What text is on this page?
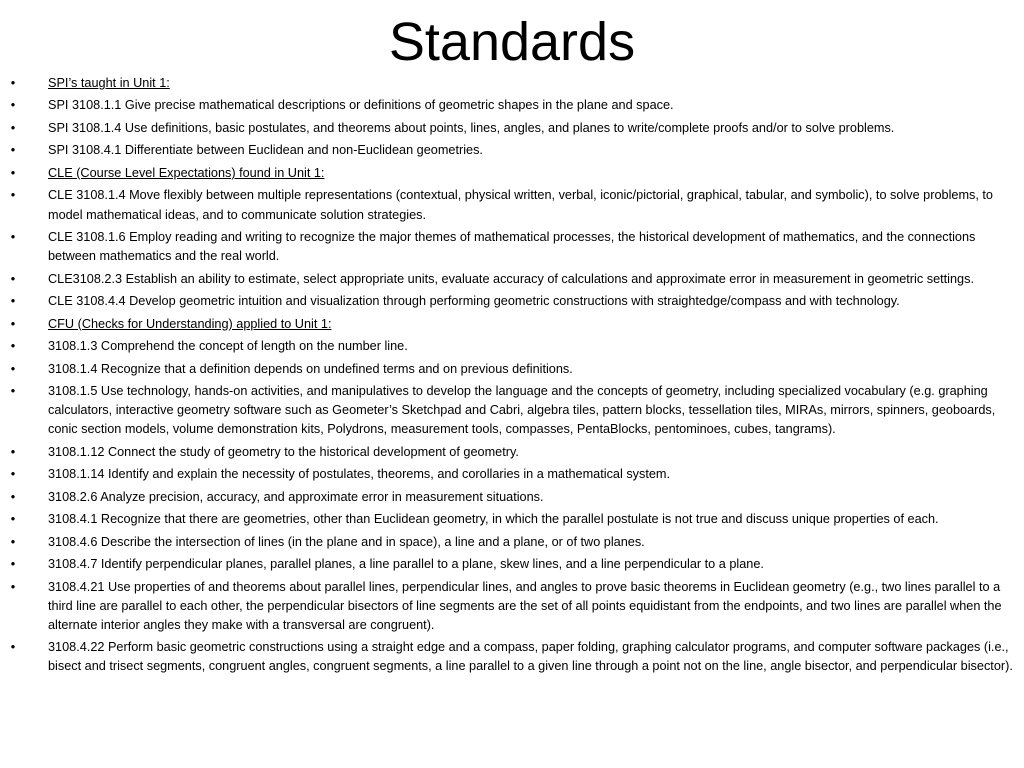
Standards
•	SPI’s taught in Unit 1:
•	SPI 3108.1.1 Give precise mathematical descriptions or definitions of geometric shapes in the plane and space.
•	SPI 3108.1.4 Use definitions, basic postulates, and theorems about points, lines, angles, and planes to write/complete proofs and/or to solve problems.
•	SPI 3108.4.1 Differentiate between Euclidean and non-Euclidean geometries.
•	CLE (Course Level Expectations) found in Unit 1:
•	CLE 3108.1.4 Move flexibly between multiple representations (contextual, physical written, verbal, iconic/pictorial, graphical, tabular, and symbolic), to solve problems, to model mathematical ideas, and to communicate solution strategies.
•	CLE 3108.1.6 Employ reading and writing to recognize the major themes of mathematical processes, the historical development of mathematics, and the connections between mathematics and the real world.
•	CLE3108.2.3 Establish an ability to estimate, select appropriate units, evaluate accuracy of calculations and approximate error in measurement in geometric settings.
•	CLE 3108.4.4 Develop geometric intuition and visualization through performing geometric constructions with straightedge/compass and with technology.
•	CFU (Checks for Understanding) applied to Unit 1:
•	3108.1.3 Comprehend the concept of length on the number line.
•	3108.1.4 Recognize that a definition depends on undefined terms and on previous definitions.
•	3108.1.5 Use technology, hands-on activities, and manipulatives to develop the language and the concepts of geometry, including specialized vocabulary (e.g. graphing calculators, interactive geometry software such as Geometer’s Sketchpad and Cabri, algebra tiles, pattern blocks, tessellation tiles, MIRAs, mirrors, spinners, geoboards, conic section models, volume demonstration kits, Polydrons, measurement tools, compasses, PentaBlocks, pentominoes, cubes, tangrams).
•	3108.1.12 Connect the study of geometry to the historical development of geometry.
•	3108.1.14 Identify and explain the necessity of postulates, theorems, and corollaries in a mathematical system.
•	3108.2.6 Analyze precision, accuracy, and approximate error in measurement situations.
•	3108.4.1 Recognize that there are geometries, other than Euclidean geometry, in which the parallel postulate is not true and discuss unique properties of each.
•	3108.4.6 Describe the intersection of lines (in the plane and in space), a line and a plane, or of two planes.
•	3108.4.7 Identify perpendicular planes, parallel planes, a line parallel to a plane, skew lines, and a line perpendicular to a plane.
•	3108.4.21 Use properties of and theorems about parallel lines, perpendicular lines, and angles to prove basic theorems in Euclidean geometry (e.g., two lines parallel to a third line are parallel to each other, the perpendicular bisectors of line segments are the set of all points equidistant from the endpoints, and two lines are parallel when the alternate interior angles they make with a transversal are congruent).
•	3108.4.22 Perform basic geometric constructions using a straight edge and a compass, paper folding, graphing calculator programs, and computer software packages (i.e., bisect and trisect segments, congruent angles, congruent segments, a line parallel to a given line through a point not on the line, angle bisector, and perpendicular bisector).
